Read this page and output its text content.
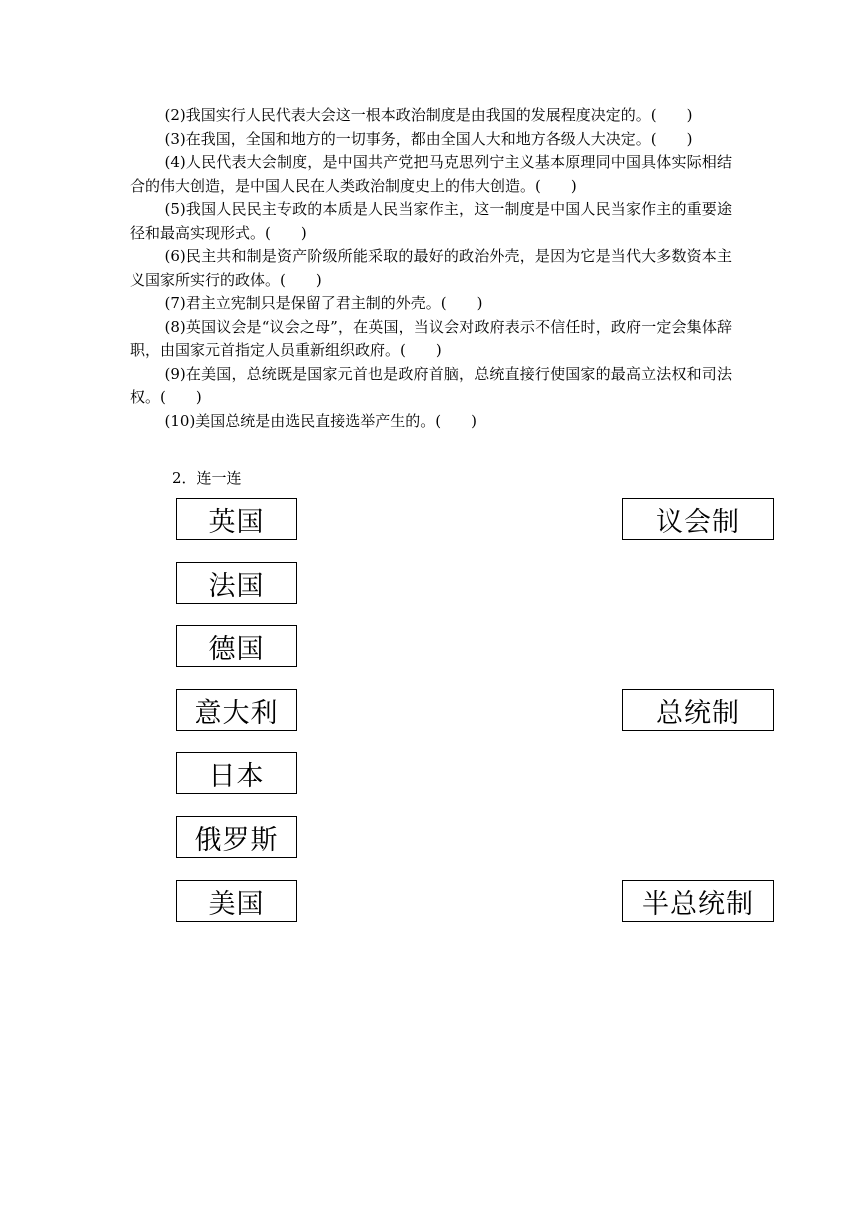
(2)我国实行人民代表大会这一根本政治制度是由我国的发展程度决定的。(　　)

(3)在我国，全国和地方的一切事务，都由全国人大和地方各级人大决定。(　　)

(4)人民代表大会制度，是中国共产党把马克思列宁主义基本原理同中国具体实际相结合的伟大创造，是中国人民在人类政治制度史上的伟大创造。(　　)

(5)我国人民民主专政的本质是人民当家作主，这一制度是中国人民当家作主的重要途径和最高实现形式。(　　)

(6)民主共和制是资产阶级所能采取的最好的政治外壳，是因为它是当代大多数资本主义国家所实行的政体。(　　)

(7)君主立宪制只是保留了君主制的外壳。(　　)

(8)英国议会是“议会之母”，在英国，当议会对政府表示不信任时，政府一定会集体辞职，由国家元首指定人员重新组织政府。(　　)

(9)在美国，总统既是国家元首也是政府首脑，总统直接行使国家的最高立法权和司法权。(　　)

(10)美国总统是由选民直接选举产生的。(　　)

2．连一连

英国
法国
德国
意大利
日本
俄罗斯
美国
议会制
总统制
半总统制
